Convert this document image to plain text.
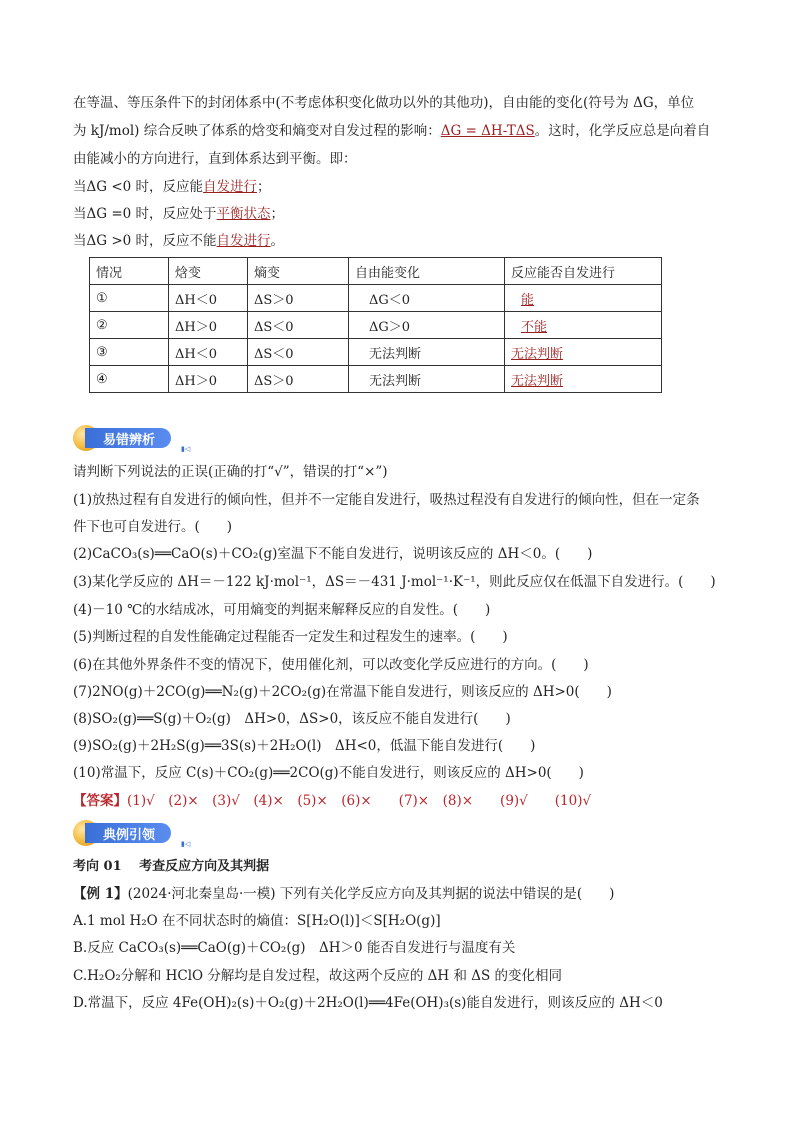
在等温、等压条件下的封闭体系中(不考虑体积变化做功以外的其他功)，自由能的变化(符号为 ΔG，单位
为 kJ/mol) 综合反映了体系的焓变和熵变对自发过程的影响：ΔG = ΔH-TΔS。这时，化学反应总是向着自
由能减小的方向进行，直到体系达到平衡。即：
当ΔG <0 时，反应能自发进行；
当ΔG =0 时，反应处于平衡状态；
当ΔG >0 时，反应不能自发进行。
情况	焓变	熵变	自由能变化	反应能否自发进行
①	ΔH＜0	ΔS＞0	ΔG＜0	能
②	ΔH＞0	ΔS＜0	ΔG＞0	不能
③	ΔH＜0	ΔS＜0	无法判断	无法判断
④	ΔH＞0	ΔS＞0	无法判断	无法判断
易错辨析
▮◁
请判断下列说法的正误(正确的打“√”，错误的打“×”)
(1)放热过程有自发进行的倾向性，但并不一定能自发进行，吸热过程没有自发进行的倾向性，但在一定条
件下也可自发进行。(　　)
(2)CaCO₃(s)══CaO(s)＋CO₂(g)室温下不能自发进行，说明该反应的 ΔH＜0。(　　)
(3)某化学反应的 ΔH＝－122 kJ·mol⁻¹，ΔS＝－431 J·mol⁻¹·K⁻¹，则此反应仅在低温下自发进行。(　　)
(4)－10 ℃的水结成冰，可用熵变的判据来解释反应的自发性。(　　)
(5)判断过程的自发性能确定过程能否一定发生和过程发生的速率。(　　)
(6)在其他外界条件不变的情况下，使用催化剂，可以改变化学反应进行的方向。(　　)
(7)2NO(g)＋2CO(g)══N₂(g)＋2CO₂(g)在常温下能自发进行，则该反应的 ΔH>0(　　)
(8)SO₂(g)══S(g)＋O₂(g)　ΔH>0，ΔS>0，该反应不能自发进行(　　)
(9)SO₂(g)＋2H₂S(g)══3S(s)＋2H₂O(l)　ΔH<0，低温下能自发进行(　　)
(10)常温下，反应 C(s)＋CO₂(g)══2CO(g)不能自发进行，则该反应的 ΔH>0(　　)
【答案】(1)√　(2)×　(3)√　(4)×　(5)×　(6)×　　(7)×　(8)×　　(9)√　　(10)√
典例引领
▮◁
考向 01　 考查反应方向及其判据
【例 1】(2024·河北秦皇岛·一模) 下列有关化学反应方向及其判据的说法中错误的是(　　)
A.1 mol H₂O 在不同状态时的熵值：S[H₂O(l)]＜S[H₂O(g)]
B.反应 CaCO₃(s)══CaO(g)＋CO₂(g)　ΔH＞0 能否自发进行与温度有关
C.H₂O₂分解和 HClO 分解均是自发过程，故这两个反应的 ΔH 和 ΔS 的变化相同
D.常温下，反应 4Fe(OH)₂(s)＋O₂(g)＋2H₂O(l)══4Fe(OH)₃(s)能自发进行，则该反应的 ΔH＜0
